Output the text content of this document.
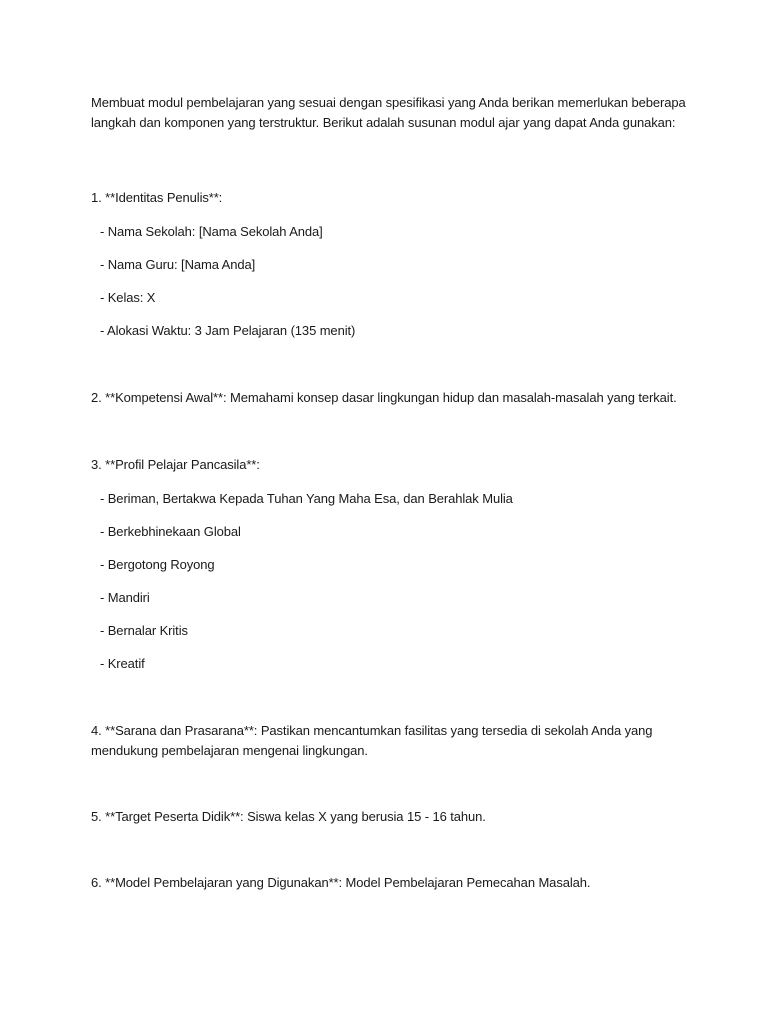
Membuat modul pembelajaran yang sesuai dengan spesifikasi yang Anda berikan memerlukan beberapa langkah dan komponen yang terstruktur. Berikut adalah susunan modul ajar yang dapat Anda gunakan:

1. **Identitas Penulis**:

- Nama Sekolah: [Nama Sekolah Anda]

- Nama Guru: [Nama Anda]

- Kelas: X

- Alokasi Waktu: 3 Jam Pelajaran (135 menit)

2. **Kompetensi Awal**: Memahami konsep dasar lingkungan hidup dan masalah-masalah yang terkait.

3. **Profil Pelajar Pancasila**:

- Beriman, Bertakwa Kepada Tuhan Yang Maha Esa, dan Berahlak Mulia

- Berkebhinekaan Global

- Bergotong Royong

- Mandiri

- Bernalar Kritis

- Kreatif

4. **Sarana dan Prasarana**: Pastikan mencantumkan fasilitas yang tersedia di sekolah Anda yang mendukung pembelajaran mengenai lingkungan.

5. **Target Peserta Didik**: Siswa kelas X yang berusia 15 - 16 tahun.

6. **Model Pembelajaran yang Digunakan**: Model Pembelajaran Pemecahan Masalah.
